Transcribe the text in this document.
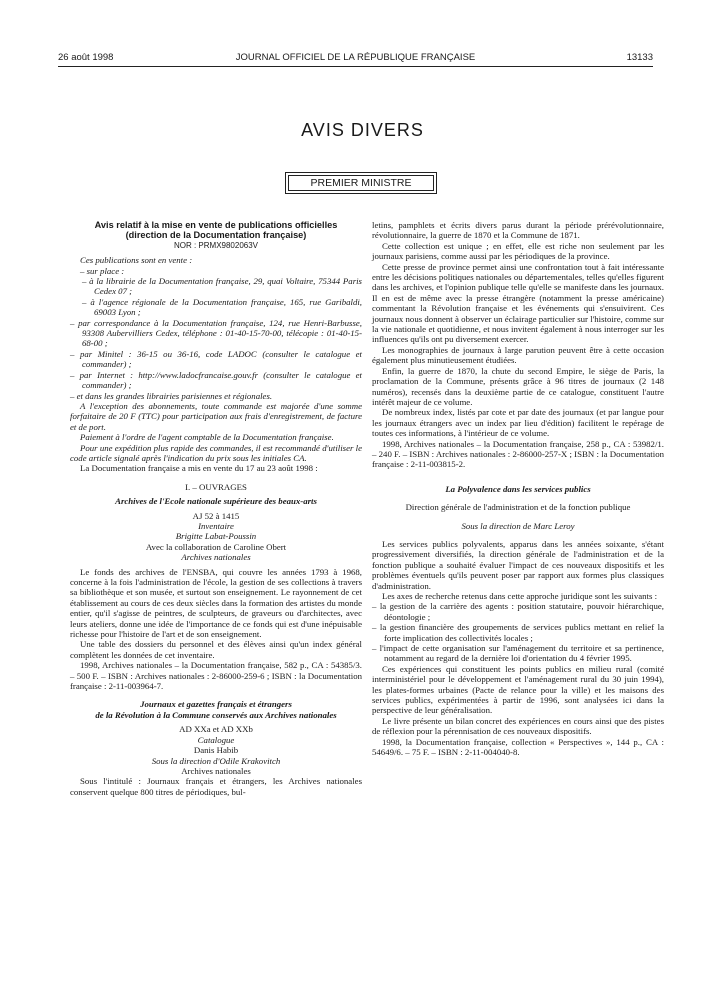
26 août 1998	JOURNAL OFFICIEL DE LA RÉPUBLIQUE FRANÇAISE	13133
AVIS DIVERS
PREMIER MINISTRE

Avis relatif à la mise en vente de publications officielles

(direction de la Documentation française)

NOR : PRMX9802063V

Ces publications sont en vente :

– sur place :

– à la librairie de la Documentation française, 29, quai Voltaire, 75344 Paris Cedex 07 ;

– à l'agence régionale de la Documentation française, 165, rue Garibaldi, 69003 Lyon ;

– par correspondance à la Documentation française, 124, rue Henri-Barbusse, 93308 Aubervilliers Cedex, téléphone : 01-40-15-70-00, télécopie : 01-40-15-68-00 ;

– par Minitel : 36-15 ou 36-16, code LADOC (consulter le catalogue et commander) ;

– par Internet : http://www.ladocfrancaise.gouv.fr (consulter le catalogue et commander) ;

– et dans les grandes librairies parisiennes et régionales.

A l'exception des abonnements, toute commande est majorée d'une somme forfaitaire de 20 F (TTC) pour participation aux frais d'enregistrement, de facture et de port.

Paiement à l'ordre de l'agent comptable de la Documentation française.

Pour une expédition plus rapide des commandes, il est recommandé d'utiliser le code article signalé après l'indication du prix sous les initiales CA.

La Documentation française a mis en vente du 17 au 23 août 1998 :

I. – OUVRAGES

Archives de l'Ecole nationale supérieure des beaux-arts

AJ 52 à 1415

Inventaire

Brigitte Labat-Poussin

Avec la collaboration de Caroline Obert

Archives nationales

Le fonds des archives de l'ENSBA, qui couvre les années 1793 à 1968, concerne à la fois l'administration de l'école, la gestion de ses collections à travers sa bibliothèque et son musée, et surtout son enseignement. Le rayonnement de cet établissement au cours de ces deux siècles dans la formation des artistes du monde entier, qu'il s'agisse de peintres, de sculpteurs, de graveurs ou d'architectes, avec leurs ateliers, donne une idée de l'importance de ce fonds qui est d'une inépuisable richesse pour l'histoire de l'art et de son enseignement.

Une table des dossiers du personnel et des élèves ainsi qu'un index général complètent les données de cet inventaire.

1998, Archives nationales – la Documentation française, 582 p., CA : 54385/3. – 500 F. – ISBN : Archives nationales : 2-86000-259-6 ; ISBN : la Documentation française : 2-11-003964-7.

Journaux et gazettes français et étrangers

de la Révolution à la Commune conservés aux Archives nationales

AD XXa et AD XXb

Catalogue

Danis Habib

Sous la direction d'Odile Krakovitch

Archives nationales

Sous l'intitulé : Journaux français et étrangers, les Archives nationales conservent quelque 800 titres de périodiques, bul-

letins, pamphlets et écrits divers parus durant la période prérévolutionnaire, révolutionnaire, la guerre de 1870 et la Commune de 1871.

Cette collection est unique ; en effet, elle est riche non seulement par les journaux parisiens, comme aussi par les périodiques de la province.

Cette presse de province permet ainsi une confrontation tout à fait intéressante entre les décisions politiques nationales ou départementales, telles qu'elles figurent dans les archives, et l'opinion publique telle qu'elle se manifeste dans les journaux. Il en est de même avec la presse étrangère (notamment la presse américaine) commentant la Révolution française et les événements qui s'ensuivirent. Ces journaux nous donnent à observer un éclairage particulier sur l'histoire, comme sur la vie nationale et quotidienne, et nous invitent également à nous interroger sur les influences qu'ils ont pu diversement exercer.

Les monographies de journaux à large parution peuvent être à cette occasion également plus minutieusement étudiées.

Enfin, la guerre de 1870, la chute du second Empire, le siège de Paris, la proclamation de la Commune, présents grâce à 96 titres de journaux (2 148 numéros), recensés dans la deuxième partie de ce catalogue, constituent l'autre intérêt majeur de ce volume.

De nombreux index, listés par cote et par date des journaux (et par langue pour les journaux étrangers avec un index par lieu d'édition) facilitent le repérage de toutes ces informations, à l'intérieur de ce volume.

1998, Archives nationales – la Documentation française, 258 p., CA : 53982/1. – 240 F. – ISBN : Archives nationales : 2-86000-257-X ; ISBN : la Documentation française : 2-11-003815-2.

La Polyvalence dans les services publics

Direction générale de l'administration et de la fonction publique

Sous la direction de Marc Leroy

Les services publics polyvalents, apparus dans les années soixante, s'étant progressivement diversifiés, la direction générale de l'administration et de la fonction publique a souhaité évaluer l'impact de ces nouveaux dispositifs et les problèmes éventuels qu'ils peuvent poser par rapport aux formes plus classiques d'administration.

Les axes de recherche retenus dans cette approche juridique sont les suivants :

– la gestion de la carrière des agents : position statutaire, pouvoir hiérarchique, déontologie ;

– la gestion financière des groupements de services publics mettant en relief la forte implication des collectivités locales ;

– l'impact de cette organisation sur l'aménagement du territoire et sa pertinence, notamment au regard de la dernière loi d'orientation du 4 février 1995.

Ces expériences qui constituent les points publics en milieu rural (comité interministériel pour le développement et l'aménagement rural du 30 juin 1994), les plates-formes urbaines (Pacte de relance pour la ville) et les maisons des services publics, expérimentées à partir de 1996, sont analysées ici dans la perspective de leur généralisation.

Le livre présente un bilan concret des expériences en cours ainsi que des pistes de réflexion pour la pérennisation de ces nouveaux dispositifs.

1998, la Documentation française, collection « Perspectives », 144 p., CA : 54649/6. – 75 F. – ISBN : 2-11-004040-8.
